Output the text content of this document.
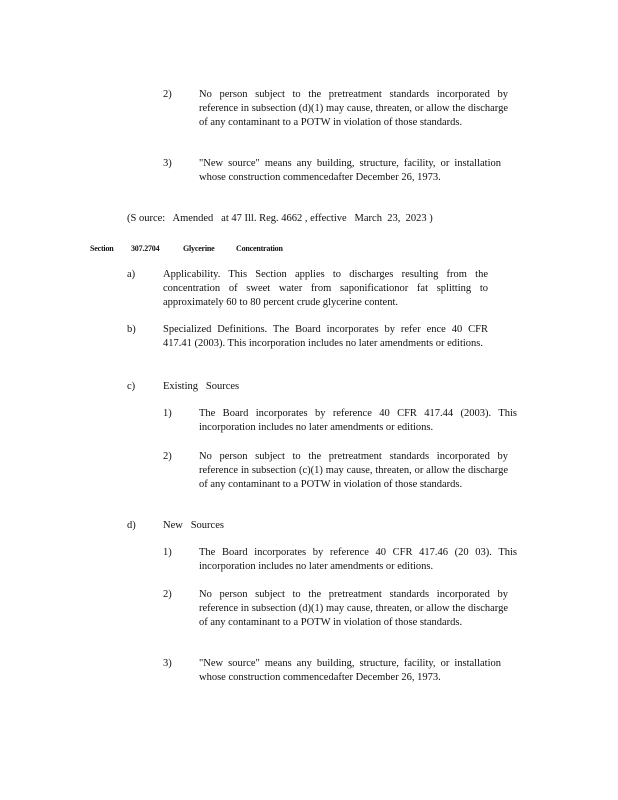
2)	No person subject to the pretreatment standards incorporated by reference in subsection (d)(1) may cause, threaten, or allow the discharge of any contaminant to a POTW in violation of those standards.

3)	"New source" means any building, structure, facility, or installation whose construction commencedafter December 26, 1973.

(S ource:   Amended   at 47 Ill. Reg. 4662 , effective   March  23,  2023 )
Section 307.2704	Glycerine	Concentration
a)	Applicability. This Section applies to discharges resulting from the concentration of sweet water from saponificationor fat splitting to approximately 60 to 80 percent crude glycerine content.

b)	Specialized Definitions. The Board incorporates by refer ence 40 CFR 417.41 (2003). This incorporation includes no later amendments or editions.

c)	Existing   Sources
1)	The Board incorporates by reference 40 CFR 417.44 (2003). This incorporation includes no later amendments or editions.

2)	No person subject to the pretreatment standards incorporated by reference in subsection (c)(1) may cause, threaten, or allow the discharge of any contaminant to a POTW in violation of those standards.

d)	New   Sources
1)	The Board incorporates by reference 40 CFR 417.46 (20 03). This incorporation includes no later amendments or editions.

2)	No person subject to the pretreatment standards incorporated by reference in subsection (d)(1) may cause, threaten, or allow the discharge of any contaminant to a POTW in violation of those standards.

3)	"New source" means any building, structure, facility, or installation whose construction commencedafter December 26, 1973.
